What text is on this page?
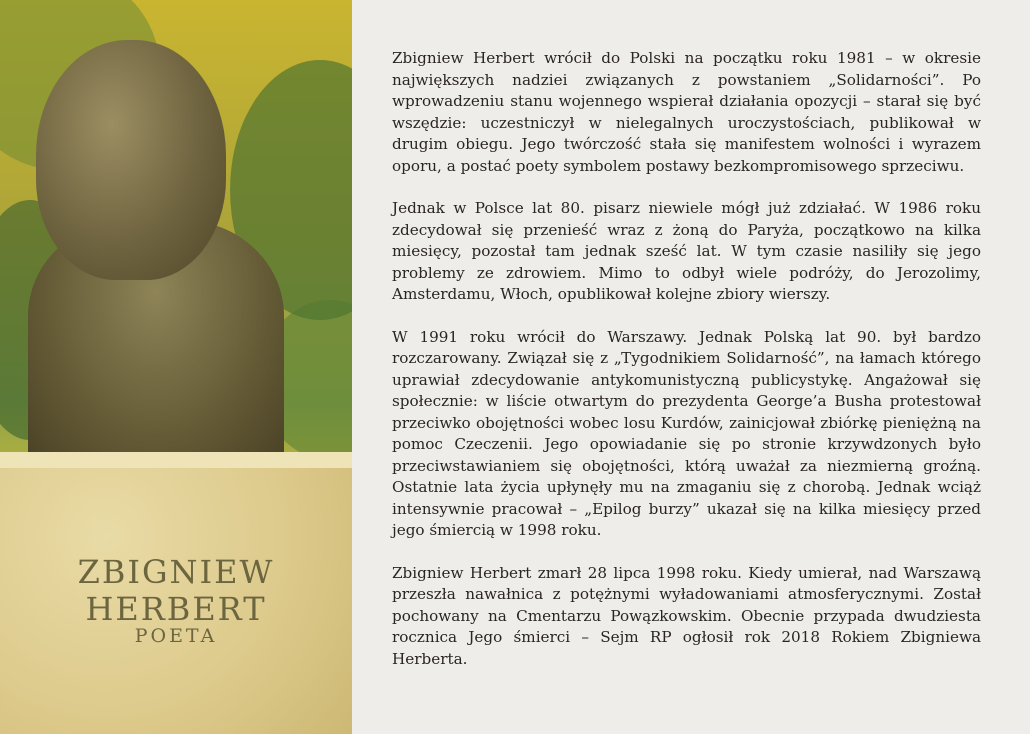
ZBIGNIEW
HERBERT
POETA

Zbigniew Herbert wrócił do Polski na początku roku 1981 – w okresie największych nadziei związanych z powstaniem „Solidarności”. Po wprowadzeniu stanu wojennego wspierał działania opozycji – starał się być wszędzie: uczestniczył w nielegalnych uroczystościach, publikował w drugim obiegu. Jego twórczość stała się manifestem wolności i wyrazem oporu, a postać poety symbolem postawy bezkompromisowego sprzeciwu.

Jednak w Polsce lat 80. pisarz niewiele mógł już zdziałać. W 1986 roku zdecydował się przenieść wraz z żoną do Paryża, początkowo na kilka miesięcy, pozostał tam jednak sześć lat. W tym czasie nasiliły się jego problemy ze zdrowiem. Mimo to odbył wiele podróży, do Jerozolimy, Amsterdamu, Włoch, opublikował kolejne zbiory wierszy.

W 1991 roku wrócił do Warszawy. Jednak Polską lat 90. był bardzo rozczarowany. Związał się z „Tygodnikiem Solidarność”, na łamach którego uprawiał zdecydowanie antykomunistyczną publicystykę. Angażował się społecznie: w liście otwartym do prezydenta George’a Busha protestował przeciwko obojętności wobec losu Kurdów, zainicjował zbiórkę pieniężną na pomoc Czeczenii. Jego opowiadanie się po stronie krzywdzonych było przeciwstawianiem się obojętności, którą uważał za niezmierną groźną. Ostatnie lata życia upłynęły mu na zmaganiu się z chorobą. Jednak wciąż intensywnie pracował – „Epilog burzy” ukazał się na kilka miesięcy przed jego śmiercią w 1998 roku.

Zbigniew Herbert zmarł 28 lipca 1998 roku. Kiedy umierał, nad Warszawą przeszła nawałnica z potężnymi wyładowaniami atmosferycznymi. Został pochowany na Cmentarzu Powązkowskim. Obecnie przypada dwudziesta rocznica Jego śmierci – Sejm RP ogłosił rok 2018 Rokiem Zbigniewa Herberta.
